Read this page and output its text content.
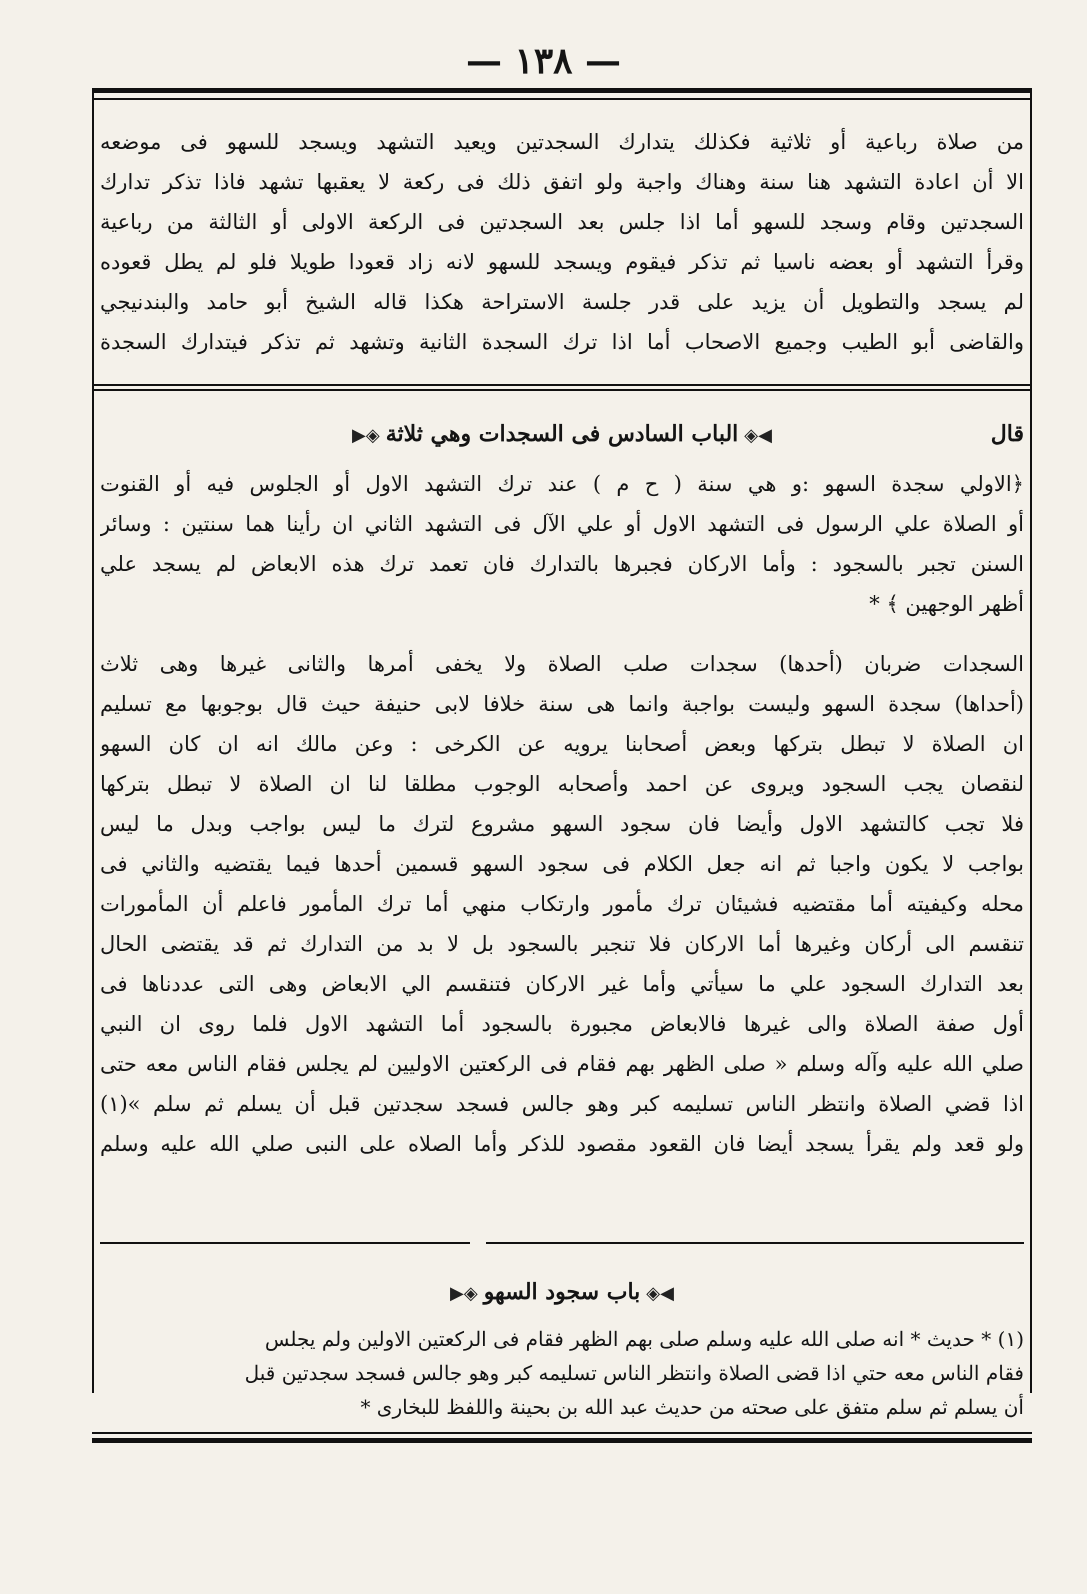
— ١٣٨ —
من صلاة رباعية أو ثلاثية فكذلك يتدارك السجدتين ويعيد التشهد ويسجد للسهو فى موضعه
الا أن اعادة التشهد هنا سنة وهناك واجبة ولو اتفق ذلك فى ركعة لا يعقبها تشهد فاذا تذكر تدارك
السجدتين وقام وسجد للسهو أما اذا جلس بعد السجدتين فى الركعة الاولى أو الثالثة من رباعية
وقرأ التشهد أو بعضه ناسيا ثم تذكر فيقوم ويسجد للسهو لانه زاد قعودا طويلا فلو لم يطل قعوده
لم يسجد والتطويل أن يزيد على قدر جلسة الاستراحة هكذا قاله الشيخ أبو حامد والبندنيجي
والقاضى أبو الطيب وجميع الاصحاب أما اذا ترك السجدة الثانية وتشهد ثم تذكر فيتدارك السجدة
قال
◀◈الباب السادس فى السجدات وهي ثلاثة◈▶
﴿الاولي سجدة السهو :و هي سنة ( ح م ) عند ترك التشهد الاول أو الجلوس فيه أو القنوت
أو الصلاة علي الرسول فى التشهد الاول أو علي الآل فى التشهد الثاني ان رأينا هما سنتين : وسائر
السنن تجبر بالسجود : وأما الاركان فجبرها بالتدارك فان تعمد ترك هذه الابعاض لم يسجد علي
أظهر الوجهين ﴾ *
السجدات ضربان (أحدها) سجدات صلب الصلاة ولا يخفى أمرها والثانى غيرها وهى ثلاث
(أحداها) سجدة السهو وليست بواجبة وانما هى سنة خلافا لابى حنيفة حيث قال بوجوبها مع تسليم
ان الصلاة لا تبطل بتركها وبعض أصحابنا يرويه عن الكرخى : وعن مالك انه ان كان السهو
لنقصان يجب السجود ويروى عن احمد وأصحابه الوجوب مطلقا لنا ان الصلاة لا تبطل بتركها
فلا تجب كالتشهد الاول وأيضا فان سجود السهو مشروع لترك ما ليس بواجب وبدل ما ليس
بواجب لا يكون واجبا ثم انه جعل الكلام فى سجود السهو قسمين أحدها فيما يقتضيه والثاني فى
محله وكيفيته أما مقتضيه فشيئان ترك مأمور وارتكاب منهي أما ترك المأمور فاعلم أن المأمورات
تنقسم الى أركان وغيرها أما الاركان فلا تنجبر بالسجود بل لا بد من التدارك ثم قد يقتضى الحال
بعد التدارك السجود علي ما سيأتي وأما غير الاركان فتنقسم الي الابعاض وهى التى عددناها فى
أول صفة الصلاة والى غيرها فالابعاض مجبورة بالسجود أما التشهد الاول فلما روى ان النبي
صلي الله عليه وآله وسلم « صلى الظهر بهم فقام فى الركعتين الاوليين لم يجلس فقام الناس معه حتى
اذا قضي الصلاة وانتظر الناس تسليمه كبر وهو جالس فسجد سجدتين قبل أن يسلم ثم سلم »(١)
ولو قعد ولم يقرأ يسجد أيضا فان القعود مقصود للذكر وأما الصلاه على النبى صلي الله عليه وسلم
◀◈باب سجود السهو◈▶
(١) * حديث * انه صلى الله عليه وسلم صلى بهم الظهر فقام فى الركعتين الاولين ولم يجلس
فقام الناس معه حتي اذا قضى الصلاة وانتظر الناس تسليمه كبر وهو جالس فسجد سجدتين قبل
أن يسلم ثم سلم متفق على صحته من حديث عبد الله بن بحينة واللفظ للبخارى *
